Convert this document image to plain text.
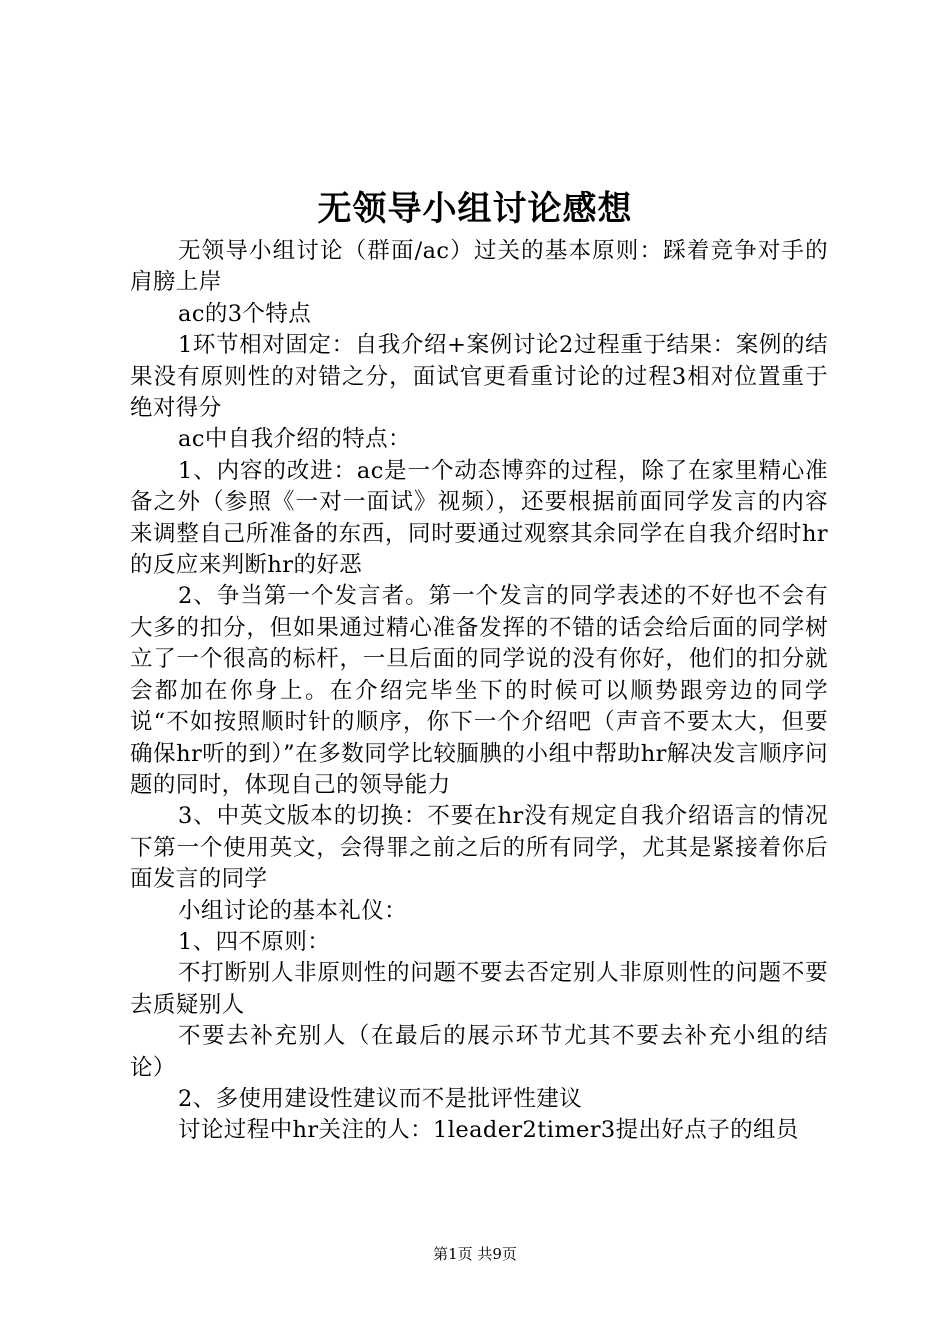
无领导小组讨论感想

无领导小组讨论（群面/ac）过关的基本原则：踩着竞争对手的肩膀上岸

ac的3个特点

1环节相对固定：自我介绍+案例讨论2过程重于结果：案例的结果没有原则性的对错之分，面试官更看重讨论的过程3相对位置重于绝对得分

ac中自我介绍的特点：

1、内容的改进：ac是一个动态博弈的过程，除了在家里精心准备之外（参照《一对一面试》视频），还要根据前面同学发言的内容来调整自己所准备的东西，同时要通过观察其余同学在自我介绍时hr的反应来判断hr的好恶

2、争当第一个发言者。第一个发言的同学表述的不好也不会有大多的扣分，但如果通过精心准备发挥的不错的话会给后面的同学树立了一个很高的标杆，一旦后面的同学说的没有你好，他们的扣分就会都加在你身上。在介绍完毕坐下的时候可以顺势跟旁边的同学说“不如按照顺时针的顺序，你下一个介绍吧（声音不要太大，但要确保hr听的到）”在多数同学比较腼腆的小组中帮助hr解决发言顺序问题的同时，体现自己的领导能力

3、中英文版本的切换：不要在hr没有规定自我介绍语言的情况下第一个使用英文，会得罪之前之后的所有同学，尤其是紧接着你后面发言的同学

小组讨论的基本礼仪：

1、四不原则：

不打断别人非原则性的问题不要去否定别人非原则性的问题不要去质疑别人

不要去补充别人（在最后的展示环节尤其不要去补充小组的结论）

2、多使用建设性建议而不是批评性建议

讨论过程中hr关注的人：1leader2timer3提出好点子的组员

第1页 共9页
